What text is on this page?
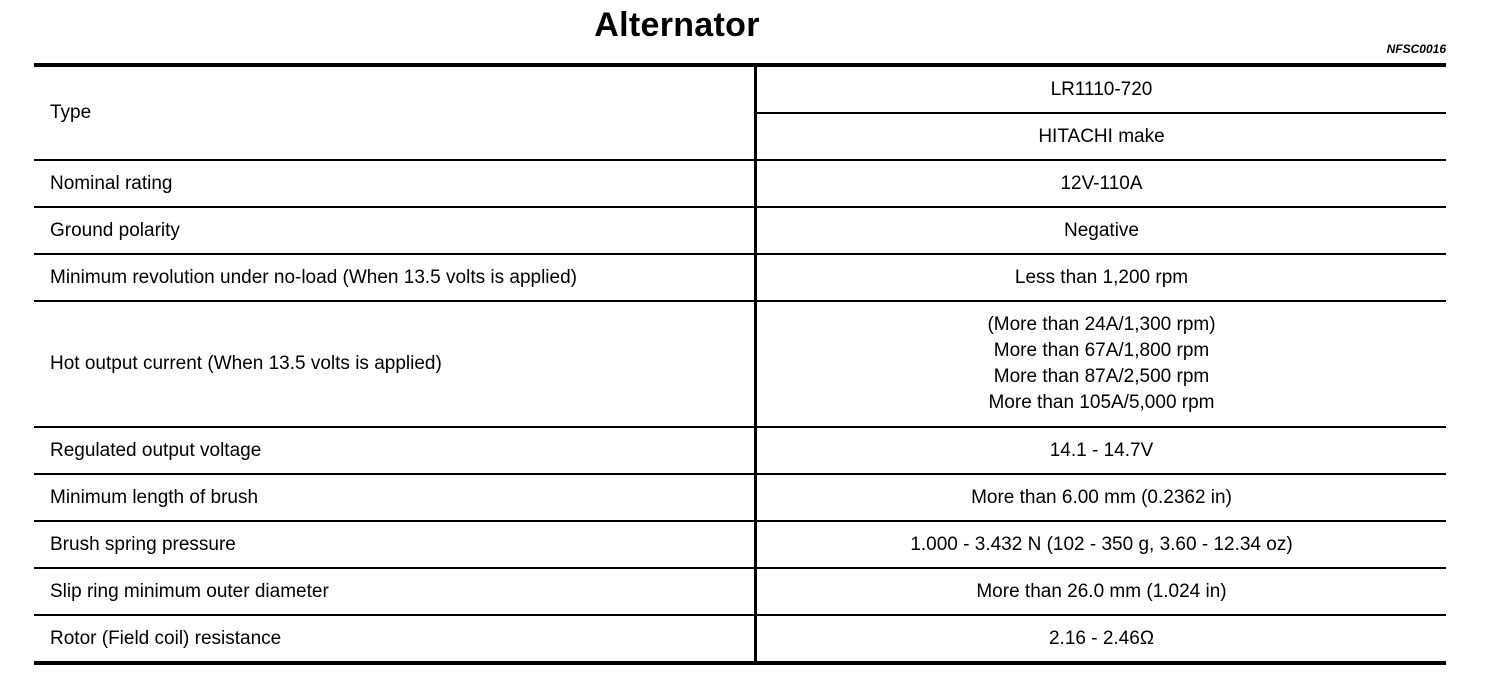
Alternator
NFSC0016
Type	LR1110-720
	HITACHI make
Nominal rating	12V-110A
Ground polarity	Negative
Minimum revolution under no-load (When 13.5 volts is applied)	Less than 1,200 rpm
Hot output current (When 13.5 volts is applied)	(More than 24A/1,300 rpm)
More than 67A/1,800 rpm
More than 87A/2,500 rpm
More than 105A/5,000 rpm

Regulated output voltage	14.1 - 14.7V
Minimum length of brush	More than 6.00 mm (0.2362 in)
Brush spring pressure	1.000 - 3.432 N (102 - 350 g, 3.60 - 12.34 oz)
Slip ring minimum outer diameter	More than 26.0 mm (1.024 in)
Rotor (Field coil) resistance	2.16 - 2.46Ω
